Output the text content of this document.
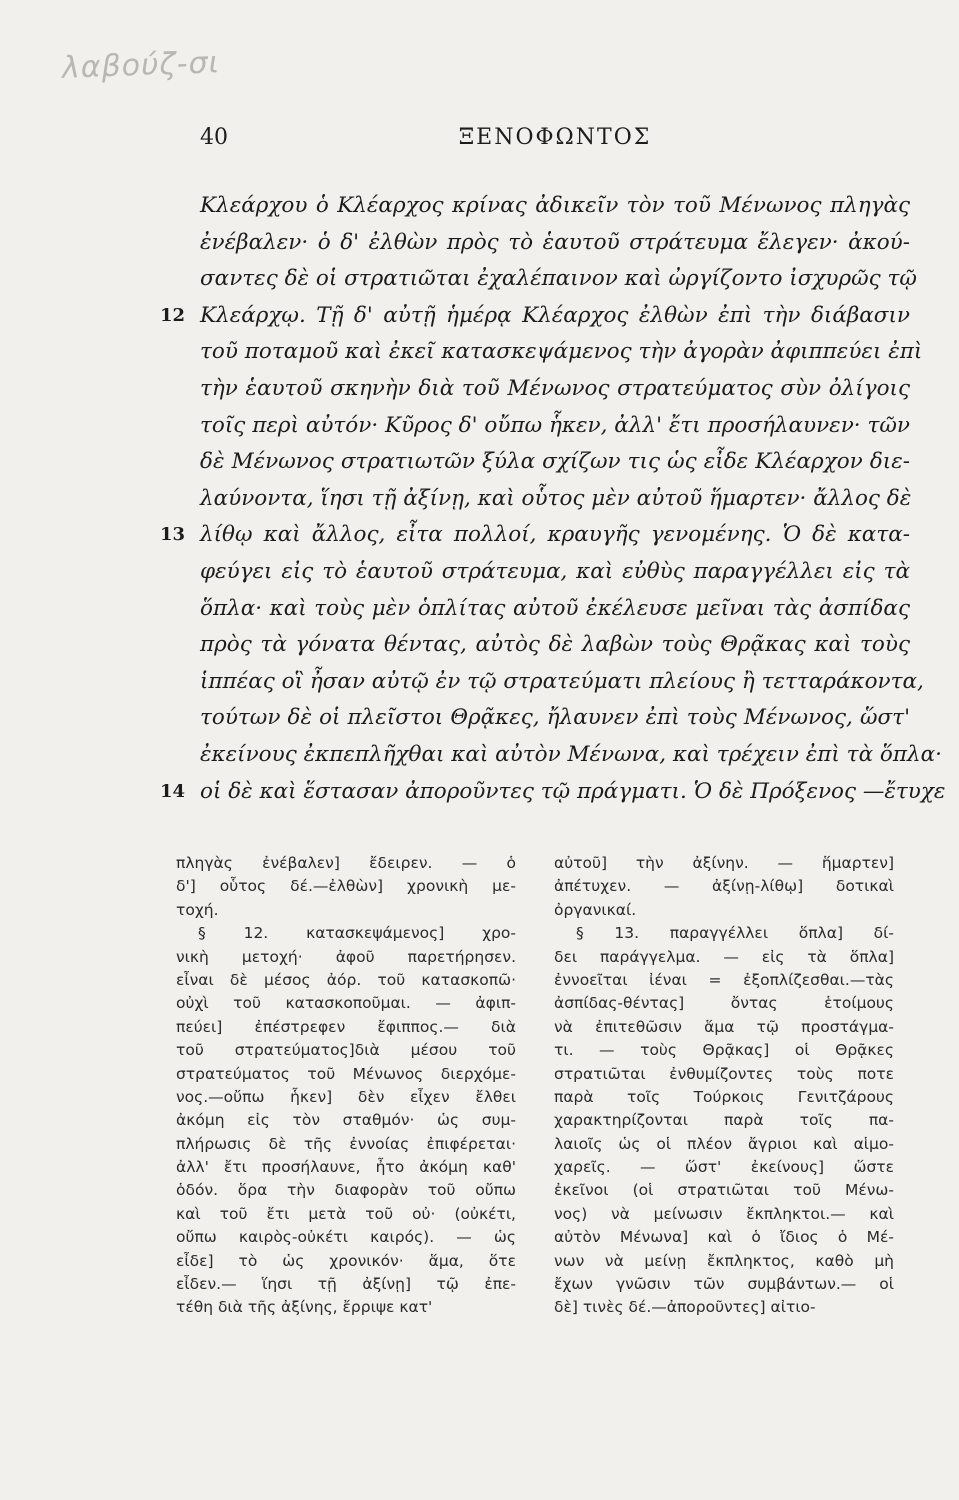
λαβούζ-σι
40	ΞΕΝΟΦΩΝΤΟΣ
Κλεάρχου ὁ Κλέαρχος κρίνας ἀδικεῖν τὸν τοῦ Μένωνος πληγὰς
ἐνέβαλεν· ὁ δ' ἐλθὼν πρὸς τὸ ἑαυτοῦ στράτευμα ἔλεγεν· ἀκού-
σαντες δὲ οἱ στρατιῶται ἐχαλέπαινον καὶ ὠργίζοντο ἰσχυρῶς τῷ
12 Κλεάρχῳ. Τῇ δ' αὐτῇ ἡμέρᾳ Κλέαρχος ἐλθὼν ἐπὶ τὴν διάβασιν
τοῦ ποταμοῦ καὶ ἐκεῖ κατασκεψάμενος τὴν ἀγορὰν ἀφιππεύει ἐπὶ
τὴν ἑαυτοῦ σκηνὴν διὰ τοῦ Μένωνος στρατεύματος σὺν ὀλίγοις
τοῖς περὶ αὐτόν· Κῦρος δ' οὔπω ἧκεν, ἀλλ' ἔτι προσήλαυνεν· τῶν
δὲ Μένωνος στρατιωτῶν ξύλα σχίζων τις ὡς εἶδε Κλέαρχον διε-
λαύνοντα, ἵησι τῇ ἀξίνῃ, καὶ οὗτος μὲν αὐτοῦ ἥμαρτεν· ἄλλος δὲ
13 λίθῳ καὶ ἄλλος, εἶτα πολλοί, κραυγῆς γενομένης. Ὁ δὲ κατα-
φεύγει εἰς τὸ ἑαυτοῦ στράτευμα, καὶ εὐθὺς παραγγέλλει εἰς τὰ
ὅπλα· καὶ τοὺς μὲν ὁπλίτας αὐτοῦ ἐκέλευσε μεῖναι τὰς ἀσπίδας
πρὸς τὰ γόνατα θέντας, αὐτὸς δὲ λαβὼν τοὺς Θρᾷκας καὶ τοὺς
ἱππέας οἳ ἦσαν αὐτῷ ἐν τῷ στρατεύματι πλείους ἢ τετταράκοντα,
τούτων δὲ οἱ πλεῖστοι Θρᾷκες, ἤλαυνεν ἐπὶ τοὺς Μένωνος, ὥστ'
ἐκείνους ἐκπεπλῆχθαι καὶ αὐτὸν Μένωνα, καὶ τρέχειν ἐπὶ τὰ ὅπλα·
14 οἱ δὲ καὶ ἕστασαν ἀποροῦντες τῷ πράγματι. Ὁ δὲ Πρόξενος —ἔτυχε
πληγὰς ἐνέβαλεν] ἔδειρεν. — ὁ
δ'] οὗτος δέ.—ἐλθὼν] χρονικὴ με-
τοχή.
§ 12. κατασκεψάμενος] χρο-
νικὴ μετοχή· ἀφοῦ παρετήρησεν.
εἶναι δὲ μέσος ἀόρ. τοῦ κατασκοπῶ·
οὐχὶ τοῦ κατασκοποῦμαι. — ἀφιπ-
πεύει] ἐπέστρεφεν ἔφιππος.— διὰ
τοῦ στρατεύματος]διὰ μέσου τοῦ
στρατεύματος τοῦ Μένωνος διερχόμε-
νος.—οὔπω ἧκεν] δὲν εἶχεν ἔλθει
ἀκόμη εἰς τὸν σταθμόν· ὡς συμ-
πλήρωσις δὲ τῆς ἐννοίας ἐπιφέρεται·
ἀλλ' ἔτι προσήλαυνε, ἦτο ἀκόμη καθ'
ὁδόν. ὅρα τὴν διαφορὰν τοῦ οὔπω
καὶ τοῦ ἔτι μετὰ τοῦ οὐ· (οὐκέτι,
οὔπω καιρὸς-οὐκέτι καιρός). — ὡς
εἶδε] τὸ ὡς χρονικόν· ἅμα, ὅτε
εἶδεν.— ἵησι τῇ ἀξίνῃ] τῷ ἐπε-
τέθη διὰ τῆς ἀξίνης, ἔρριψε κατ'
αὐτοῦ] τὴν ἀξίνην. — ἥμαρτεν]
ἀπέτυχεν. — ἀξίνῃ-λίθῳ] δοτικαὶ
ὀργανικαί.
§ 13. παραγγέλλει ὅπλα] δί-
δει παράγγελμα. — εἰς τὰ ὅπλα]
ἐννοεῖται ἰέναι = ἐξοπλίζεσθαι.—τὰς
ἀσπίδας-θέντας] ὄντας ἑτοίμους
νὰ ἐπιτεθῶσιν ἅμα τῷ προστάγμα-
τι. — τοὺς Θρᾷκας] οἱ Θρᾷκες
στρατιῶται ἐνθυμίζοντες τοὺς ποτε
παρὰ τοῖς Τούρκοις Γενιτζάρους
χαρακτηρίζονται παρὰ τοῖς πα-
λαιοῖς ὡς οἱ πλέον ἄγριοι καὶ αἱμο-
χαρεῖς. — ὥστ' ἐκείνους] ὥστε
ἐκεῖνοι (οἱ στρατιῶται τοῦ Μένω-
νος) νὰ μείνωσιν ἔκπληκτοι.— καὶ
αὐτὸν Μένωνα] καὶ ὁ ἴδιος ὁ Μέ-
νων νὰ μείνῃ ἔκπληκτος, καθὸ μὴ
ἔχων γνῶσιν τῶν συμβάντων.— οἱ
δὲ] τινὲς δέ.—ἀποροῦντες] αἰτιο-
